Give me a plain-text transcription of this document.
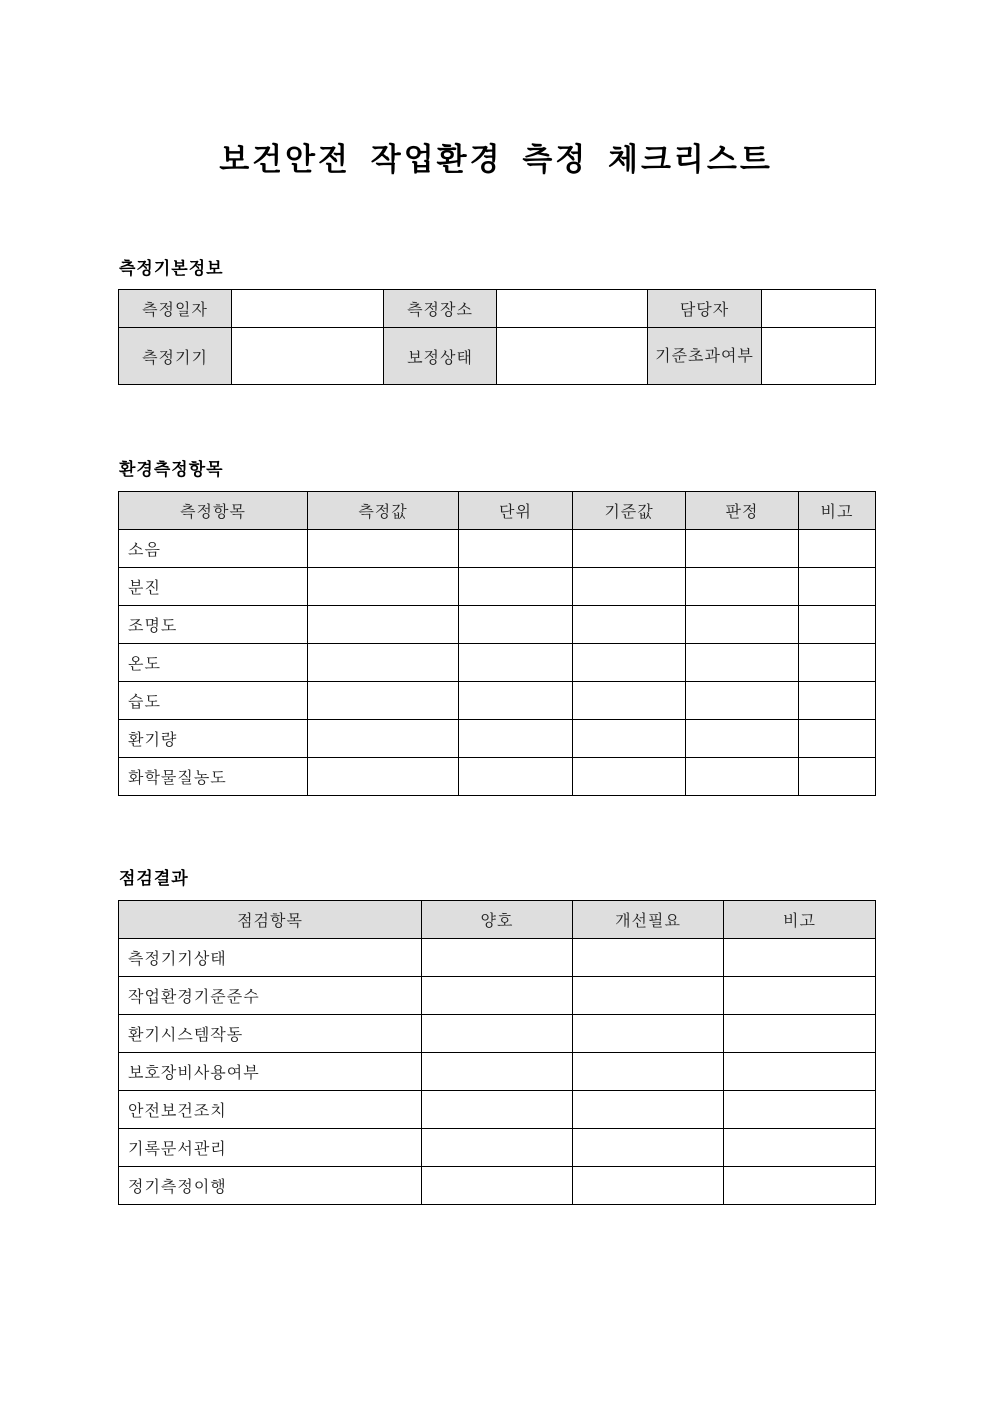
보건안전 작업환경 측정 체크리스트
측정기본정보
측정일자		측정장소		담당자	
측정기기		보정상태		기준초과여부	
환경측정항목
측정항목	측정값	단위	기준값	판정	비고
소음					
분진					
조명도					
온도					
습도					
환기량					
화학물질농도					
점검결과
점검항목	양호	개선필요	비고
측정기기상태			
작업환경기준준수			
환기시스템작동			
보호장비사용여부			
안전보건조치			
기록문서관리			
정기측정이행			
